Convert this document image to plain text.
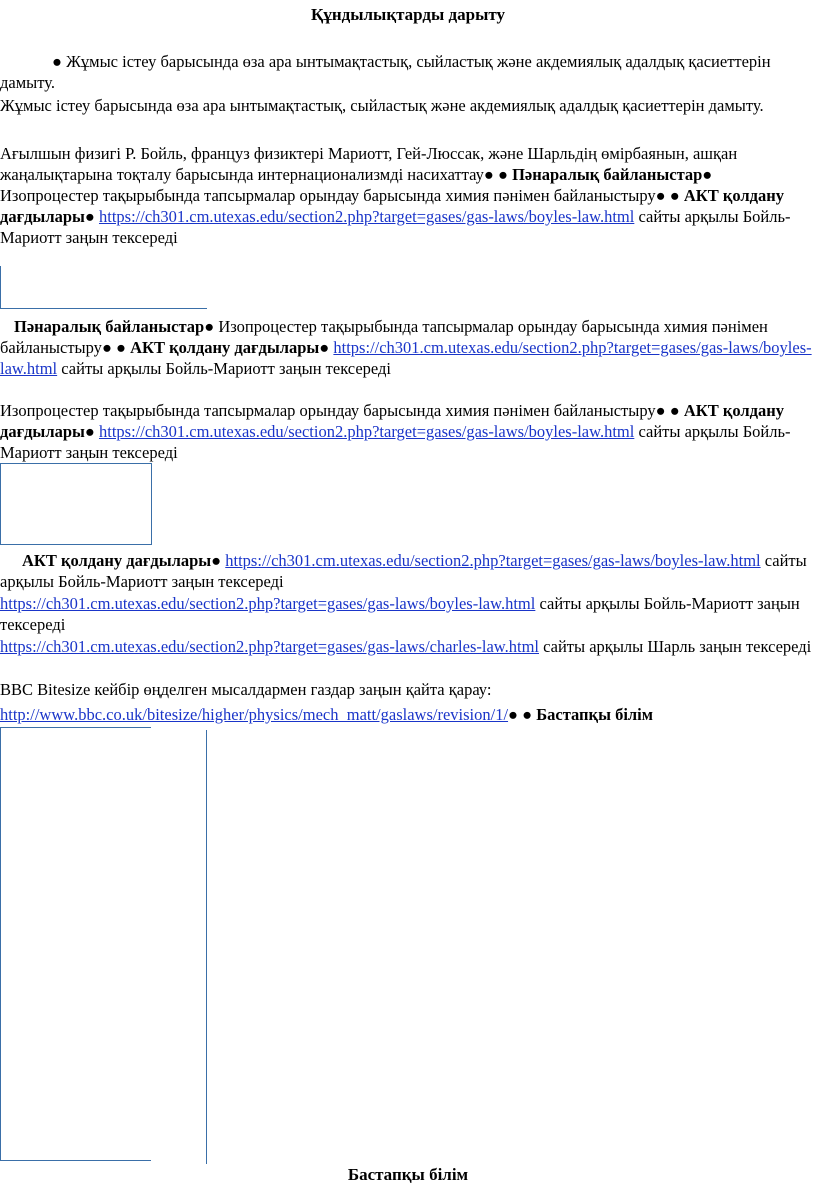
Құндылықтарды дарыту
● Жұмыс істеу барысында өза ара ынтымақтастық, сыйластық және акдемиялық адалдық қасиеттерін дамыту.
Жұмыс істеу барысында өза ара ынтымақтастық, сыйластық және акдемиялық адалдық қасиеттерін дамыту.
Ағылшын физигі Р. Бойль, француз физиктері Мариотт, Гей-Люссак, және Шарльдің өмірбаянын, ашқан жаңалықтарына тоқталу барысында интернационализмді насихаттау● ● Пәнаралық байланыстар● Изопроцестер тақырыбында тапсырмалар орындау барысында химия пәнімен байланыстыру● ● АКТ қолдану дағдылары● https://ch301.cm.utexas.edu/section2.php?target=gases/gas-laws/boyles-law.html сайты арқылы Бойль-Мариотт заңын тексереді
Пәнаралық байланыстар● Изопроцестер тақырыбында тапсырмалар орындау барысында химия пәнімен байланыстыру● ● АКТ қолдану дағдылары● https://ch301.cm.utexas.edu/section2.php?target=gases/gas-laws/boyles-law.html сайты арқылы Бойль-Мариотт заңын тексереді
Изопроцестер тақырыбында тапсырмалар орындау барысында химия пәнімен байланыстыру● ● АКТ қолдану дағдылары● https://ch301.cm.utexas.edu/section2.php?target=gases/gas-laws/boyles-law.html сайты арқылы Бойль-Мариотт заңын тексереді
АКТ қолдану дағдылары● https://ch301.cm.utexas.edu/section2.php?target=gases/gas-laws/boyles-law.html сайты арқылы Бойль-Мариотт заңын тексереді
https://ch301.cm.utexas.edu/section2.php?target=gases/gas-laws/boyles-law.html сайты арқылы Бойль-Мариотт заңын тексереді
https://ch301.cm.utexas.edu/section2.php?target=gases/gas-laws/charles-law.html сайты арқылы Шарль заңын тексереді
BBC Bitesize кейбір өңделген мысалдармен газдар заңын қайта қарау:
http://www.bbc.co.uk/bitesize/higher/physics/mech_matt/gaslaws/revision/1/● ● Бастапқы білім
Бастапқы білім
